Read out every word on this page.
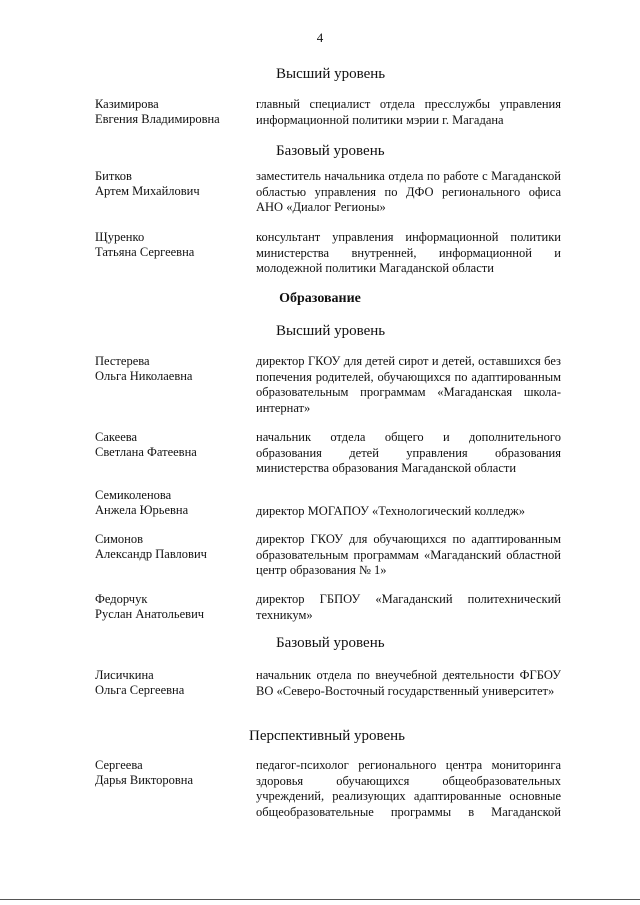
4
Высший уровень
Казимирова
Евгения Владимировна
главный специалист отдела пресслужбы управления информационной политики мэрии г. Магадана
Базовый уровень
Битков
Артем Михайлович
заместитель начальника отдела по работе с Магаданской областью управления по ДФО регионального офиса АНО «Диалог Регионы»
Щуренко
Татьяна Сергеевна
консультант управления информационной политики министерства внутренней, информационной и молодежной политики Магаданской области
Образование
Высший уровень
Пестерева
Ольга Николаевна
директор ГКОУ для детей сирот и детей, оставшихся без попечения родителей, обучающихся по адаптированным образовательным программам «Магаданская школа-интернат»
Сакеева
Светлана Фатеевна
начальник отдела общего и дополнительного образования детей управления образования министерства образования Магаданской области
Семиколенова
Анжела Юрьевна	директор МОГАПОУ «Технологический колледж»
Симонов
Александр Павлович
директор ГКОУ для обучающихся по адаптированным образовательным программам «Магаданский областной центр образования № 1»
Федорчук
Руслан Анатольевич
директор ГБПОУ «Магаданский политехнический техникум»
Базовый уровень
Лисичкина
Ольга Сергеевна
начальник отдела по внеучебной деятельности ФГБОУ ВО «Северо-Восточный государственный университет»
Перспективный уровень
Сергеева
Дарья Викторовна
педагог-психолог регионального центра мониторинга здоровья обучающихся общеобразовательных учреждений, реализующих адаптированные основные общеобразовательные программы в Магаданской
